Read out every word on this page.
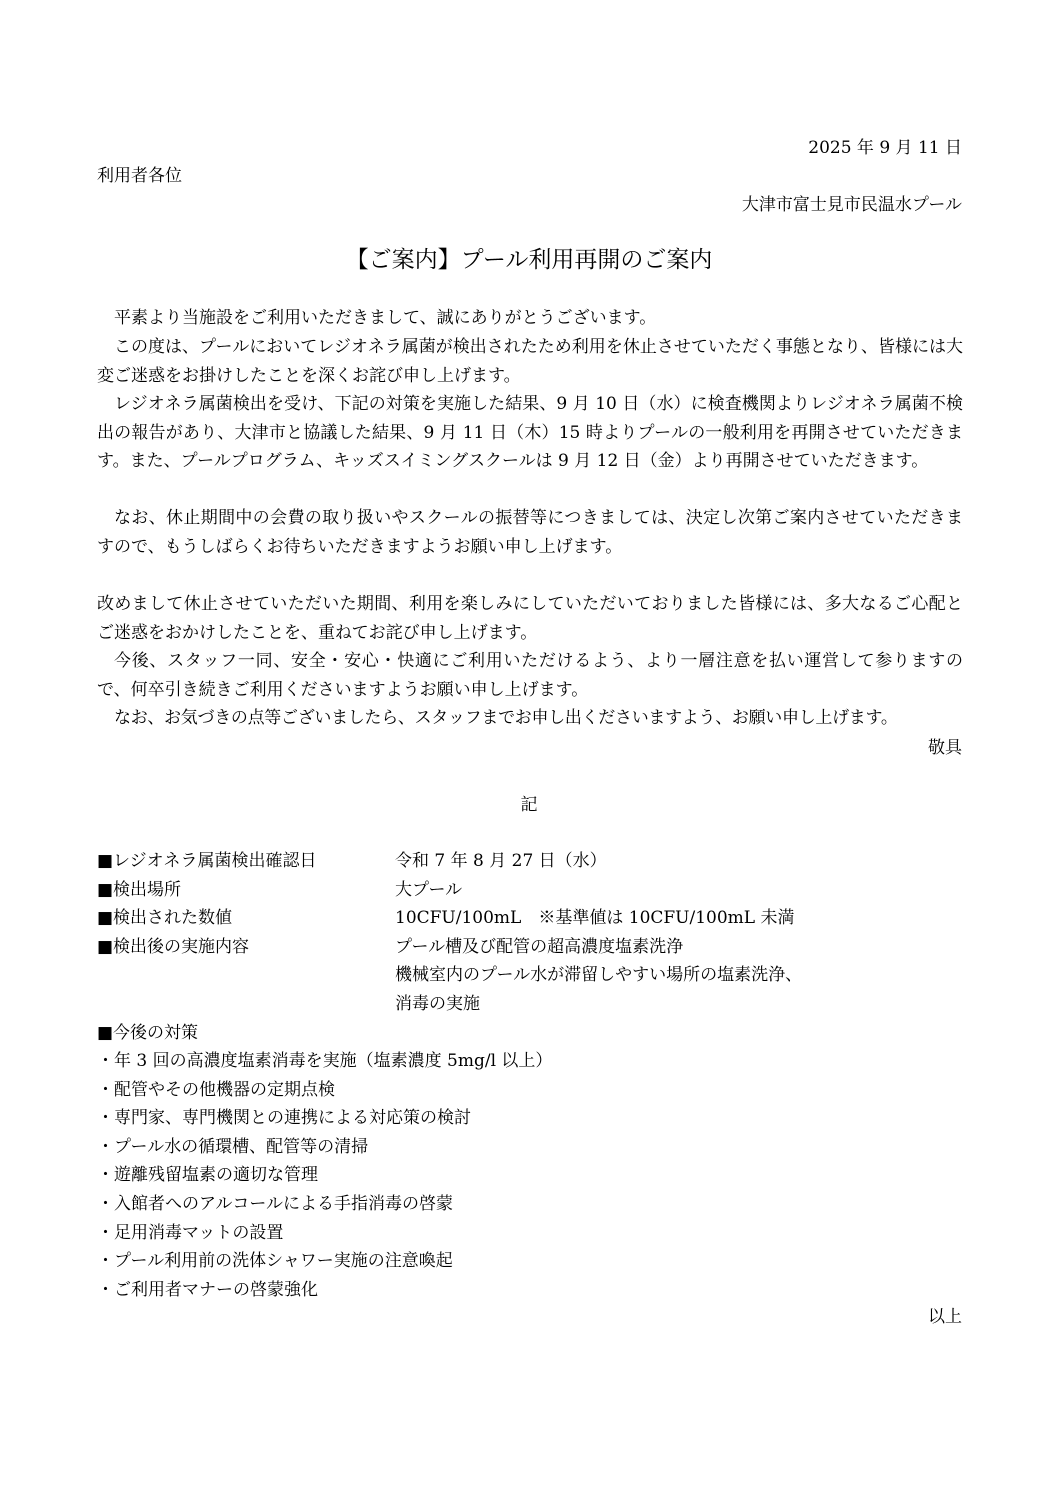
2025 年 9 月 11 日
利用者各位
大津市富士見市民温水プール
【ご案内】プール利用再開のご案内

平素より当施設をご利用いただきまして、誠にありがとうございます。

この度は、プールにおいてレジオネラ属菌が検出されたため利用を休止させていただく事態となり、皆様には大変ご迷惑をお掛けしたことを深くお詫び申し上げます。

レジオネラ属菌検出を受け、下記の対策を実施した結果、9 月 10 日（水）に検査機関よりレジオネラ属菌不検出の報告があり、大津市と協議した結果、9 月 11 日（木）15 時よりプールの一般利用を再開させていただきます。また、プールプログラム、キッズスイミングスクールは 9 月 12 日（金）より再開させていただきます。

なお、休止期間中の会費の取り扱いやスクールの振替等につきましては、決定し次第ご案内させていただきますので、もうしばらくお待ちいただきますようお願い申し上げます。

改めまして休止させていただいた期間、利用を楽しみにしていただいておりました皆様には、多大なるご心配とご迷惑をおかけしたことを、重ねてお詫び申し上げます。

今後、スタッフ一同、安全・安心・快適にご利用いただけるよう、より一層注意を払い運営して参りますので、何卒引き続きご利用くださいますようお願い申し上げます。

なお、お気づきの点等ございましたら、スタッフまでお申し出くださいますよう、お願い申し上げます。

敬具
記
■レジオネラ属菌検出確認日	令和 7 年 8 月 27 日（水）
■検出場所	大プール
■検出された数値	10CFU/100mL　※基準値は 10CFU/100mL 未満
■検出後の実施内容	プール槽及び配管の超高濃度塩素洗浄
機械室内のプール水が滞留しやすい場所の塩素洗浄、
消毒の実施
■今後の対策
・年 3 回の高濃度塩素消毒を実施（塩素濃度 5mg/l 以上）
・配管やその他機器の定期点検
・専門家、専門機関との連携による対応策の検討
・プール水の循環槽、配管等の清掃
・遊離残留塩素の適切な管理
・入館者へのアルコールによる手指消毒の啓蒙
・足用消毒マットの設置
・プール利用前の洗体シャワー実施の注意喚起
・ご利用者マナーの啓蒙強化
以上
